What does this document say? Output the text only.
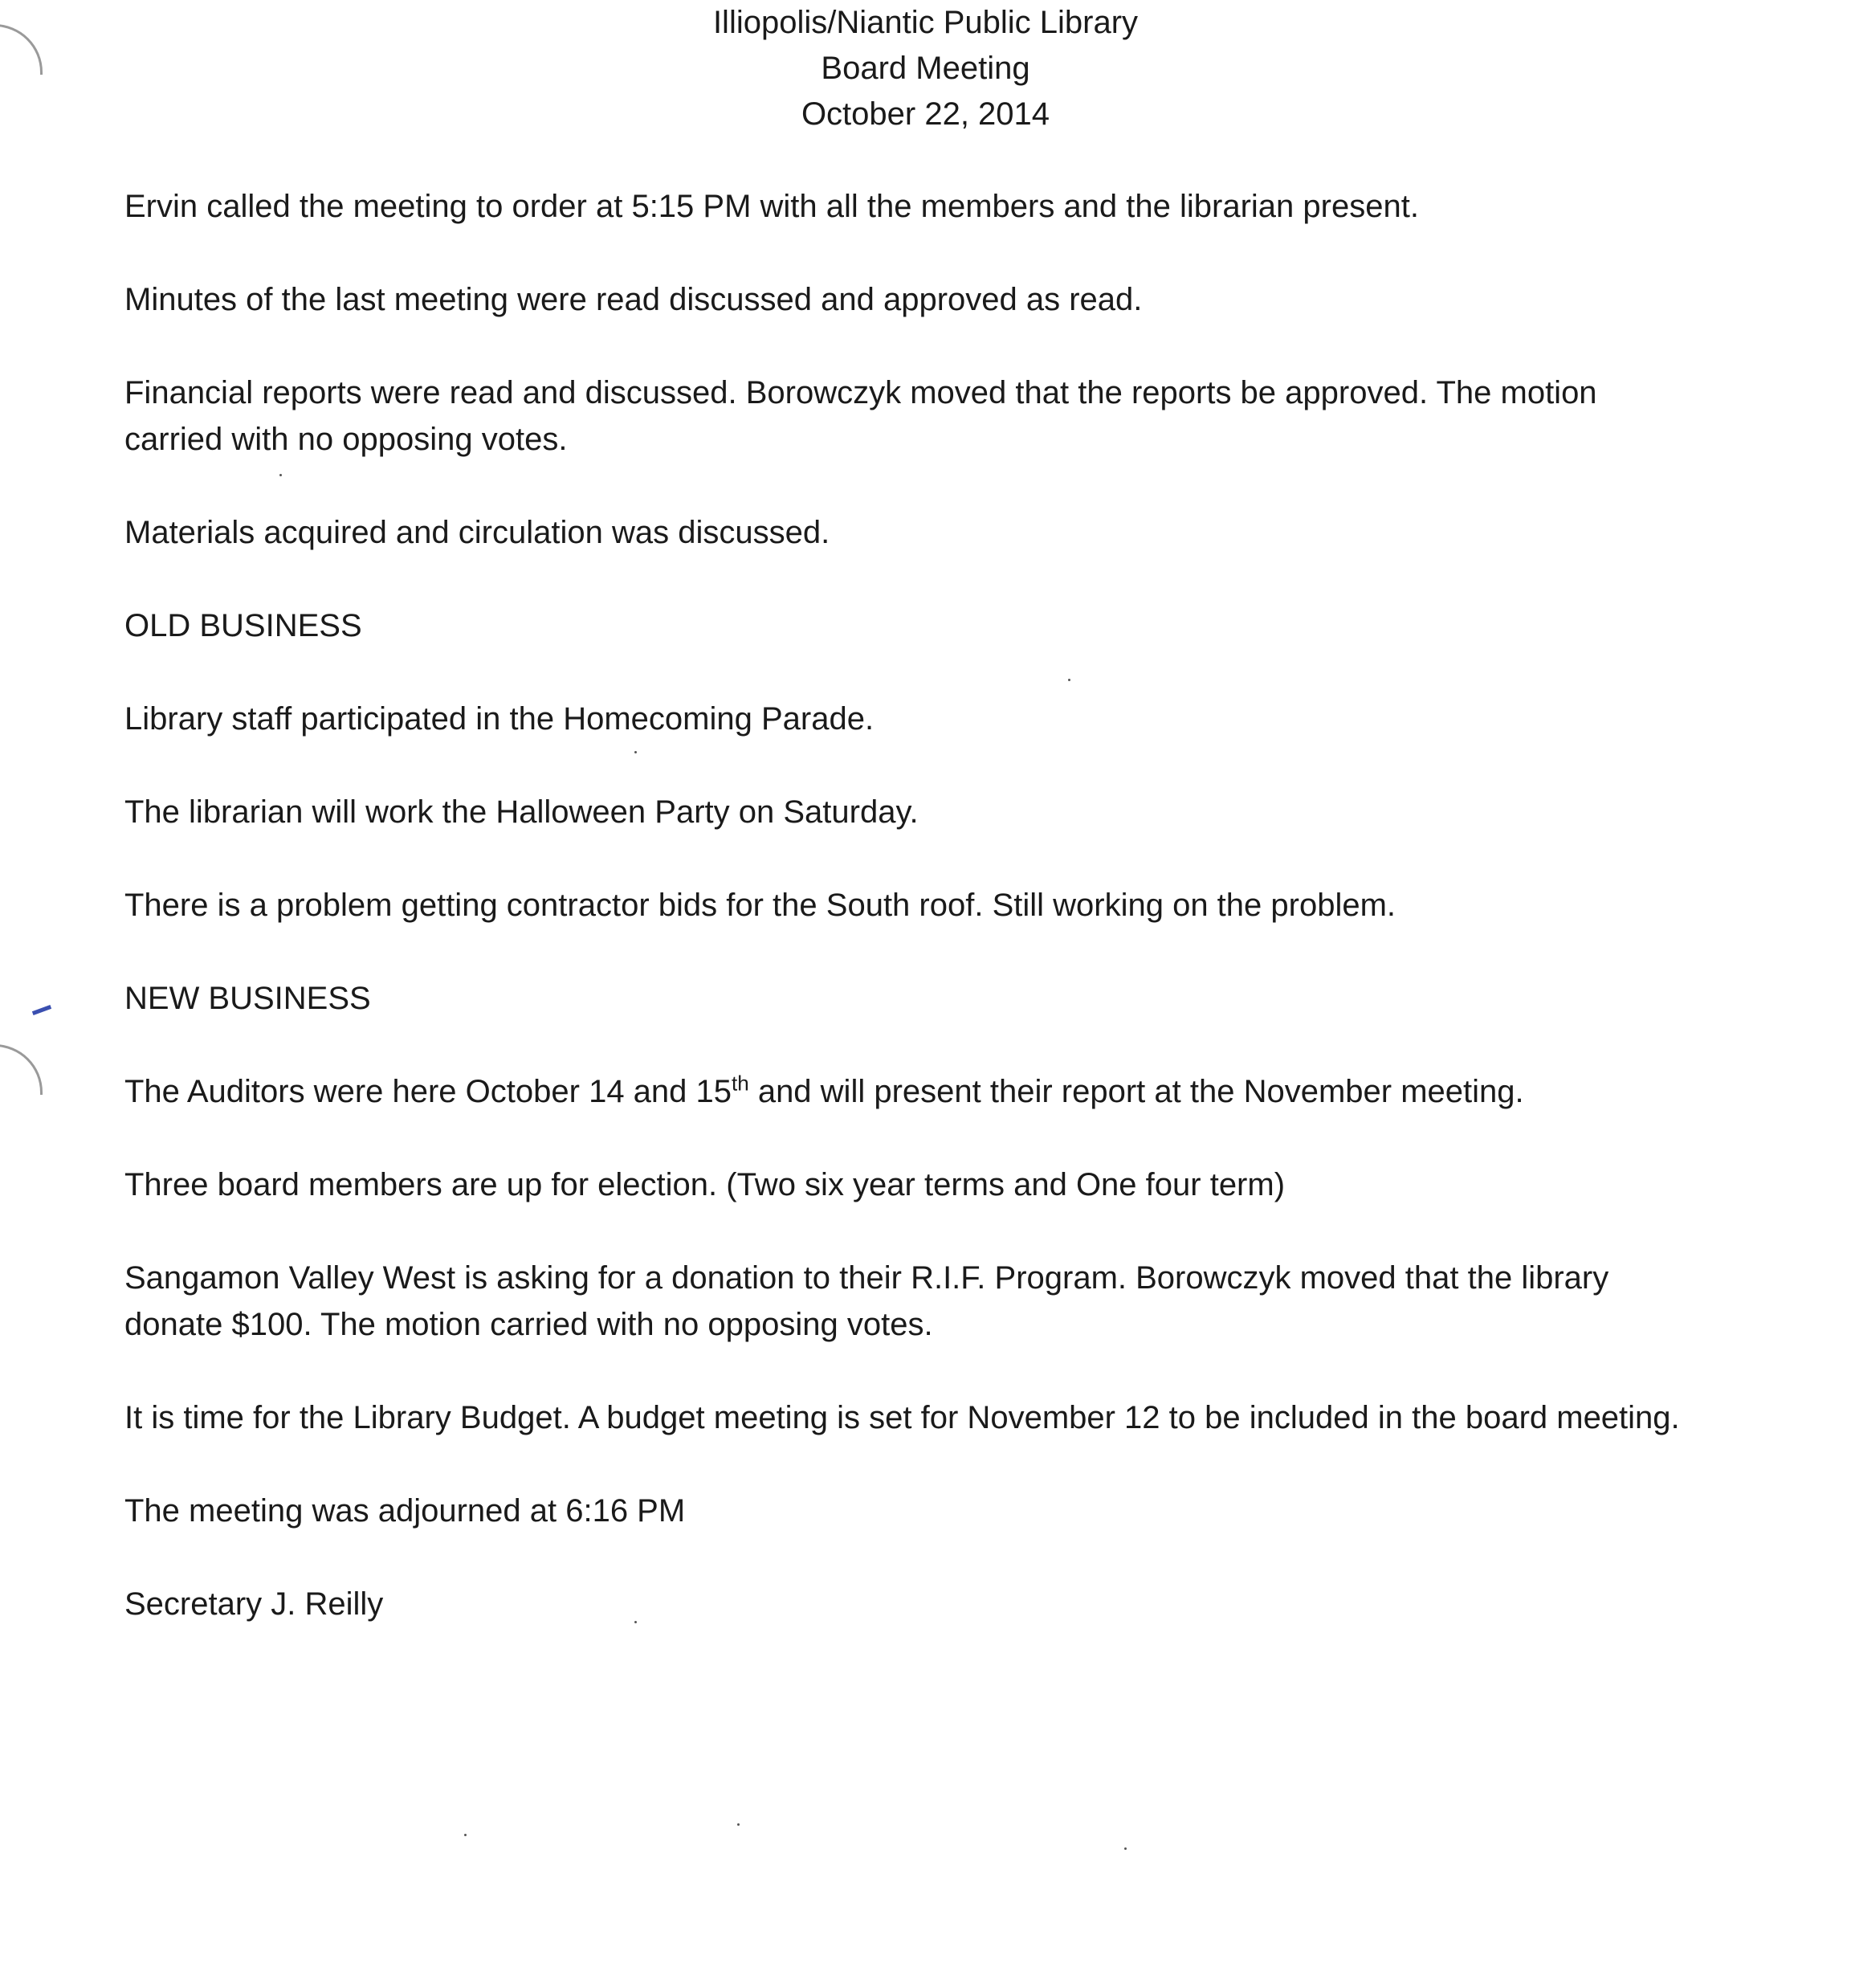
Illiopolis/Niantic Public Library
Board Meeting
October 22, 2014

Ervin called the meeting to order at 5:15 PM with all the members and the librarian present.

Minutes of the last meeting were read discussed and approved as read.

Financial reports were read and discussed. Borowczyk moved that the reports be approved. The motion carried with no opposing votes.

Materials acquired and circulation was discussed.

OLD BUSINESS

Library staff participated in the Homecoming Parade.

The librarian will work the Halloween Party on Saturday.

There is a problem getting contractor bids for the South roof. Still working on the problem.

NEW BUSINESS

The Auditors were here October 14 and 15th and will present their report at the November meeting.

Three board members are up for election. (Two six year terms and One four term)

Sangamon Valley West is asking for a donation to their R.I.F. Program. Borowczyk moved that the library donate $100. The motion carried with no opposing votes.

It is time for the Library Budget. A budget meeting is set for November 12 to be included in the board meeting.

The meeting was adjourned at 6:16 PM

Secretary J. Reilly
